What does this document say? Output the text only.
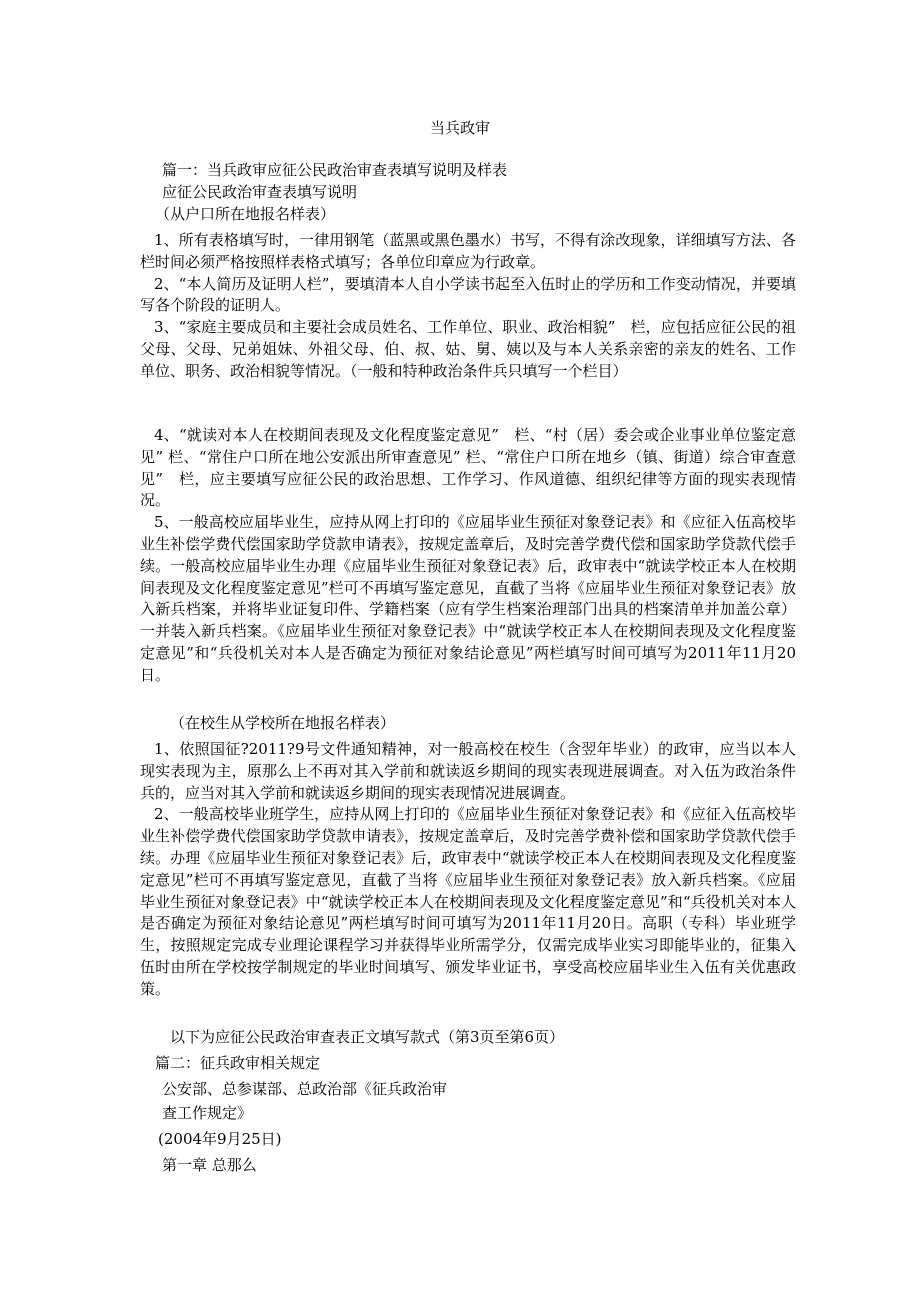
当兵政审
篇一：当兵政审应征公民政治审查表填写说明及样表
应征公民政治审查表填写说明
（从户口所在地报名样表）

1、所有表格填写时，一律用钢笔（蓝黑或黑色墨水）书写，不得有涂改现象，详细填写方法、各栏时间必须严格按照样表格式填写；各单位印章应为行政章。

2、“本人简历及证明人栏”，要填清本人自小学读书起至入伍时止的学历和工作变动情况，并要填写各个阶段的证明人。

3、“家庭主要成员和主要社会成员姓名、工作单位、职业、政治相貌”　栏，应包括应征公民的祖父母、父母、兄弟姐妹、外祖父母、伯、叔、姑、舅、姨以及与本人关系亲密的亲友的姓名、工作单位、职务、政治相貌等情况。（一般和特种政治条件兵只填写一个栏目）

4、“就读对本人在校期间表现及文化程度鉴定意见”　栏、“村（居）委会或企业事业单位鉴定意见” 栏、“常住户口所在地公安派出所审查意见” 栏、“常住户口所在地乡（镇、街道）综合审查意见”　栏，应主要填写应征公民的政治思想、工作学习、作风道德、组织纪律等方面的现实表现情况。

5、一般高校应届毕业生，应持从网上打印的《应届毕业生预征对象登记表》和《应征入伍高校毕业生补偿学费代偿国家助学贷款申请表》，按规定盖章后，及时完善学费代偿和国家助学贷款代偿手续。一般高校应届毕业生办理《应届毕业生预征对象登记表》后，政审表中“就读学校正本人在校期间表现及文化程度鉴定意见”栏可不再填写鉴定意见，直截了当将《应届毕业生预征对象登记表》放入新兵档案，并将毕业证复印件、学籍档案（应有学生档案治理部门出具的档案清单并加盖公章）一并装入新兵档案。《应届毕业生预征对象登记表》中“就读学校正本人在校期间表现及文化程度鉴定意见”和“兵役机关对本人是否确定为预征对象结论意见”两栏填写时间可填写为2011年11月20日。

（在校生从学校所在地报名样表）

1、依照国征?2011?9号文件通知精神，对一般高校在校生（含翌年毕业）的政审，应当以本人现实表现为主，原那么上不再对其入学前和就读返乡期间的现实表现进展调查。对入伍为政治条件兵的，应当对其入学前和就读返乡期间的现实表现情况进展调查。

2、一般高校毕业班学生，应持从网上打印的《应届毕业生预征对象登记表》和《应征入伍高校毕业生补偿学费代偿国家助学贷款申请表》，按规定盖章后，及时完善学费补偿和国家助学贷款代偿手续。办理《应届毕业生预征对象登记表》后，政审表中“就读学校正本人在校期间表现及文化程度鉴定意见”栏可不再填写鉴定意见，直截了当将《应届毕业生预征对象登记表》放入新兵档案。《应届毕业生预征对象登记表》中“就读学校正本人在校期间表现及文化程度鉴定意见”和“兵役机关对本人是否确定为预征对象结论意见”两栏填写时间可填写为2011年11月20日。高职（专科）毕业班学生，按照规定完成专业理论课程学习并获得毕业所需学分，仅需完成毕业实习即能毕业的，征集入伍时由所在学校按学制规定的毕业时间填写、颁发毕业证书，享受高校应届毕业生入伍有关优惠政策。

以下为应征公民政治审查表正文填写款式（第3页至第6页）
篇二：征兵政审相关规定
公安部、总参谋部、总政治部《征兵政治审
查工作规定》
(2004年9月25日)
第一章 总那么
